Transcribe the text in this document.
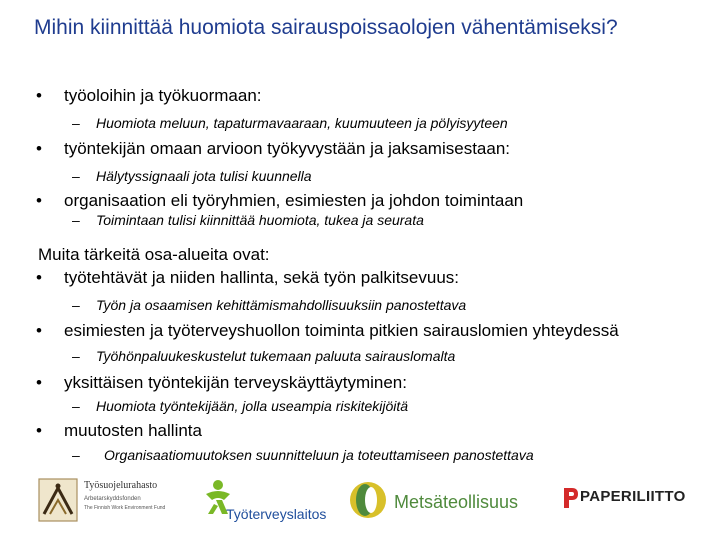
Mihin kiinnittää huomiota sairauspoissaolojen vähentämiseksi?
• työoloihin ja työkuormaan:
– Huomiota meluun, tapaturmavaaraan, kuumuuteen ja pölyisyyteen
• työntekijän omaan arvioon työkyvystään ja jaksamisestaan:
– Hälytyssignaali jota tulisi kuunnella
• organisaation eli työryhmien, esimiesten ja johdon toimintaan
– Toimintaan tulisi kiinnittää huomiota, tukea ja seurata
Muita tärkeitä osa-alueita ovat:
• työtehtävät ja niiden hallinta, sekä työn palkitsevuus:
– Työn ja osaamisen kehittämismahdollisuuksiin panostettava
• esimiesten ja työterveyshuollon toiminta pitkien sairauslomien yhteydessä
– Työhönpaluukeskustelut tukemaan paluuta sairauslomalta
• yksittäisen työntekijän terveyskäyttäytyminen:
– Huomiota työntekijään, jolla useampia riskitekijöitä
• muutosten hallinta
– Organisaatiomuutoksen suunnitteluun ja toteuttamiseen panostettava
Työsuojelurahasto
Arbetarskyddsfonden
The Finnish Work Environment Fund	Työterveyslaitos
Metsäteollisuus	PAPERILIITTO
